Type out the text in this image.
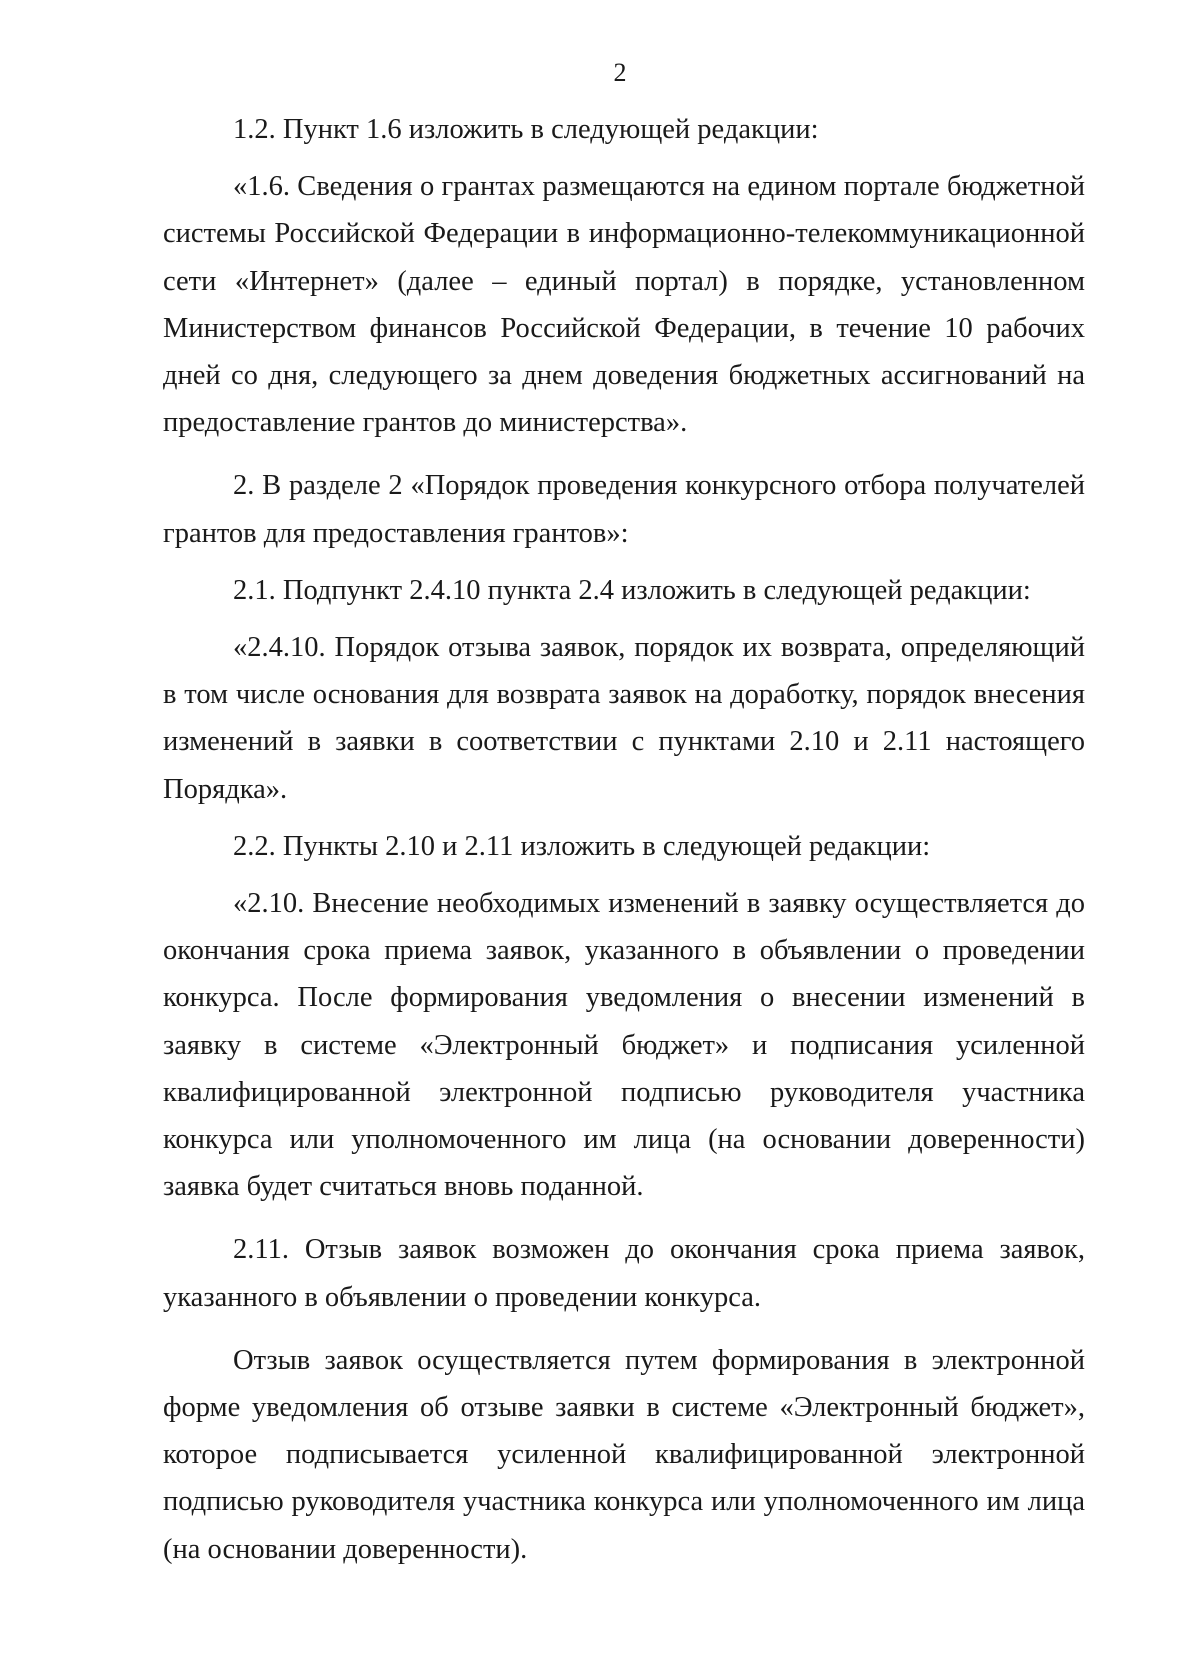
2

1.2. Пункт 1.6 изложить в следующей редакции:

«1.6. Сведения о грантах размещаются на едином портале бюджетной системы Российской Федерации в информационно-телекоммуникационной сети «Интернет» (далее – единый портал) в порядке, установленном Министерством финансов Российской Федерации, в течение 10 рабочих дней со дня, следующего за днем доведения бюджетных ассигнований на предоставление грантов до министерства».

2. В разделе 2 «Порядок проведения конкурсного отбора получателей грантов для предоставления грантов»:

2.1. Подпункт 2.4.10 пункта 2.4 изложить в следующей редакции:

«2.4.10. Порядок отзыва заявок, порядок их возврата, определяющий в том числе основания для возврата заявок на доработку, порядок внесения изменений в заявки в соответствии с пунктами 2.10 и 2.11 настоящего Порядка».

2.2. Пункты 2.10 и 2.11 изложить в следующей редакции:

«2.10. Внесение необходимых изменений в заявку осуществляется до окончания срока приема заявок, указанного в объявлении о проведении конкурса. После формирования уведомления о внесении изменений в заявку в системе «Электронный бюджет» и подписания усиленной квалифицированной электронной подписью руководителя участника конкурса или уполномоченного им лица (на основании доверенности) заявка будет считаться вновь поданной.

2.11. Отзыв заявок возможен до окончания срока приема заявок, указанного в объявлении о проведении конкурса.

Отзыв заявок осуществляется путем формирования в электронной форме уведомления об отзыве заявки в системе «Электронный бюджет», которое подписывается усиленной квалифицированной электронной подписью руководителя участника конкурса или уполномоченного им лица (на основании доверенности).
